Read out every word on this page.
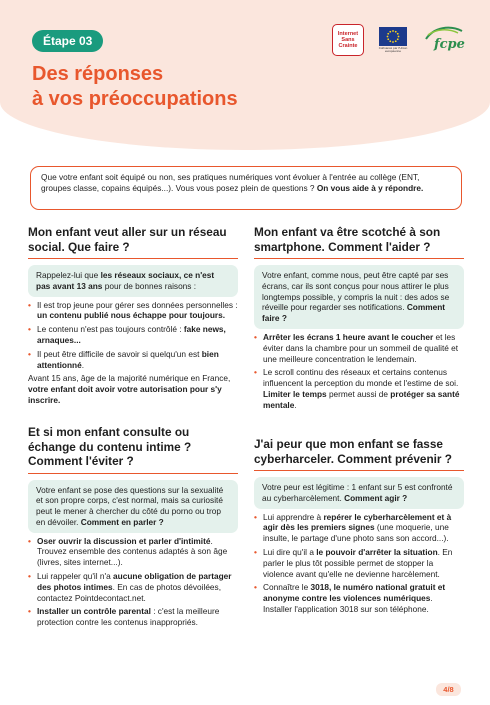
Étape 03
Des réponses
à vos préoccupations
Internet
Sans
Crainte	Cofinancé par l'Union européenne	fcpe
Que votre enfant soit équipé ou non, ses pratiques numériques vont évoluer à l'entrée au collège (ENT, groupes classe, copains équipés...). Vous vous posez plein de questions ? On vous aide à y répondre.
Mon enfant veut aller sur un réseau social. Que faire ?
Rappelez-lui que les réseaux sociaux, ce n'est pas avant 13 ans pour de bonnes raisons :
• Il est trop jeune pour gérer ses données personnelles : un contenu publié nous échappe pour toujours.
• Le contenu n'est pas toujours contrôlé : fake news, arnaques...
• Il peut être difficile de savoir si quelqu'un est bien attentionné.
Avant 15 ans, âge de la majorité numérique en France, votre enfant doit avoir votre autorisation pour s'y inscrire.
Et si mon enfant consulte ou échange du contenu intime ? Comment l'éviter ?
Votre enfant se pose des questions sur la sexualité et son propre corps, c'est normal, mais sa curiosité peut le mener à chercher du côté du porno ou trop en dévoiler. Comment en parler ?
• Oser ouvrir la discussion et parler d'intimité. Trouvez ensemble des contenus adaptés à son âge (livres, sites internet...).
• Lui rappeler qu'il n'a aucune obligation de partager des photos intimes. En cas de photos dévoilées, contactez Pointdecontact.net.
• Installer un contrôle parental : c'est la meilleure protection contre les contenus inappropriés.
Mon enfant va être scotché à son smartphone. Comment l'aider ?
Votre enfant, comme nous, peut être capté par ses écrans, car ils sont conçus pour nous attirer le plus longtemps possible, y compris la nuit : des ados se réveille pour regarder ses notifications. Comment faire ?
• Arrêter les écrans 1 heure avant le coucher et les éviter dans la chambre pour un sommeil de qualité et une meilleure concentration le lendemain.
• Le scroll continu des réseaux et certains contenus influencent la perception du monde et l'estime de soi. Limiter le temps permet aussi de protéger sa santé mentale.
J'ai peur que mon enfant se fasse cyberharceler. Comment prévenir ?
Votre peur est légitime : 1 enfant sur 5 est confronté au cyberharcèlement. Comment agir ?
• Lui apprendre à repérer le cyberharcèlement et à agir dès les premiers signes (une moquerie, une insulte, le partage d'une photo sans son accord...).
• Lui dire qu'il a le pouvoir d'arrêter la situation. En parler le plus tôt possible permet de stopper la violence avant qu'elle ne devienne harcèlement.
• Connaître le 3018, le numéro national gratuit et anonyme contre les violences numériques. Installer l'application 3018 sur son téléphone.
4/8
